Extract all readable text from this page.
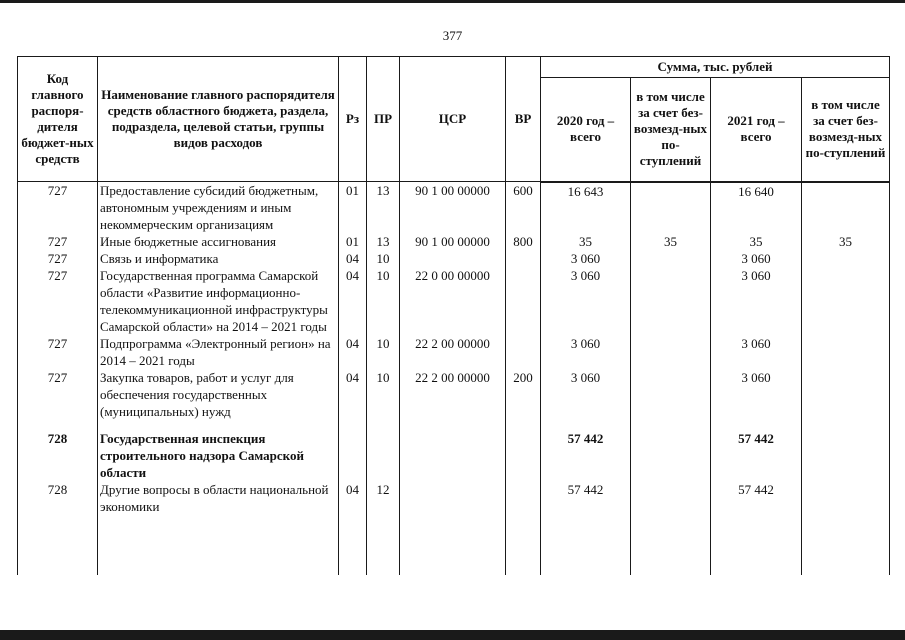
377
Код главного распоря-дителя бюджет-ных средств	Наименование главного распорядителя средств областного бюджета, раздела, подраздела, целевой статьи, группы видов расходов	Рз	ПР	ЦСР	ВР	Сумма, тыс. рублей			
						2020 год – всего	в том числе за счет без-возмезд-ных по-ступлений	2021 год – всего	в том числе за счет без-возмезд-ных по-ступлений
727	Предоставление субсидий бюджетным, автономным учреждениям и иным некоммерческим организациям	01	13	90 1 00 00000	600	16 643		16 640	
727	Иные бюджетные ассигнования	01	13	90 1 00 00000	800	35	35	35	35
727	Связь и информатика	04	10			3 060		3 060	
727	Государственная программа Самарской области «Развитие информационно-телекоммуникационной инфраструктуры Самарской области» на 2014 – 2021 годы	04	10	22 0 00 00000		3 060		3 060	
727	Подпрограмма «Электронный регион» на 2014 – 2021 годы	04	10	22 2 00 00000		3 060		3 060	
727	Закупка товаров, работ и услуг для обеспечения государственных (муниципальных) нужд	04	10	22 2 00 00000	200	3 060		3 060	

728	Государственная инспекция строительного надзора Самарской области					57 442		57 442	
728	Другие вопросы в области национальной экономики	04	12			57 442		57 442	
